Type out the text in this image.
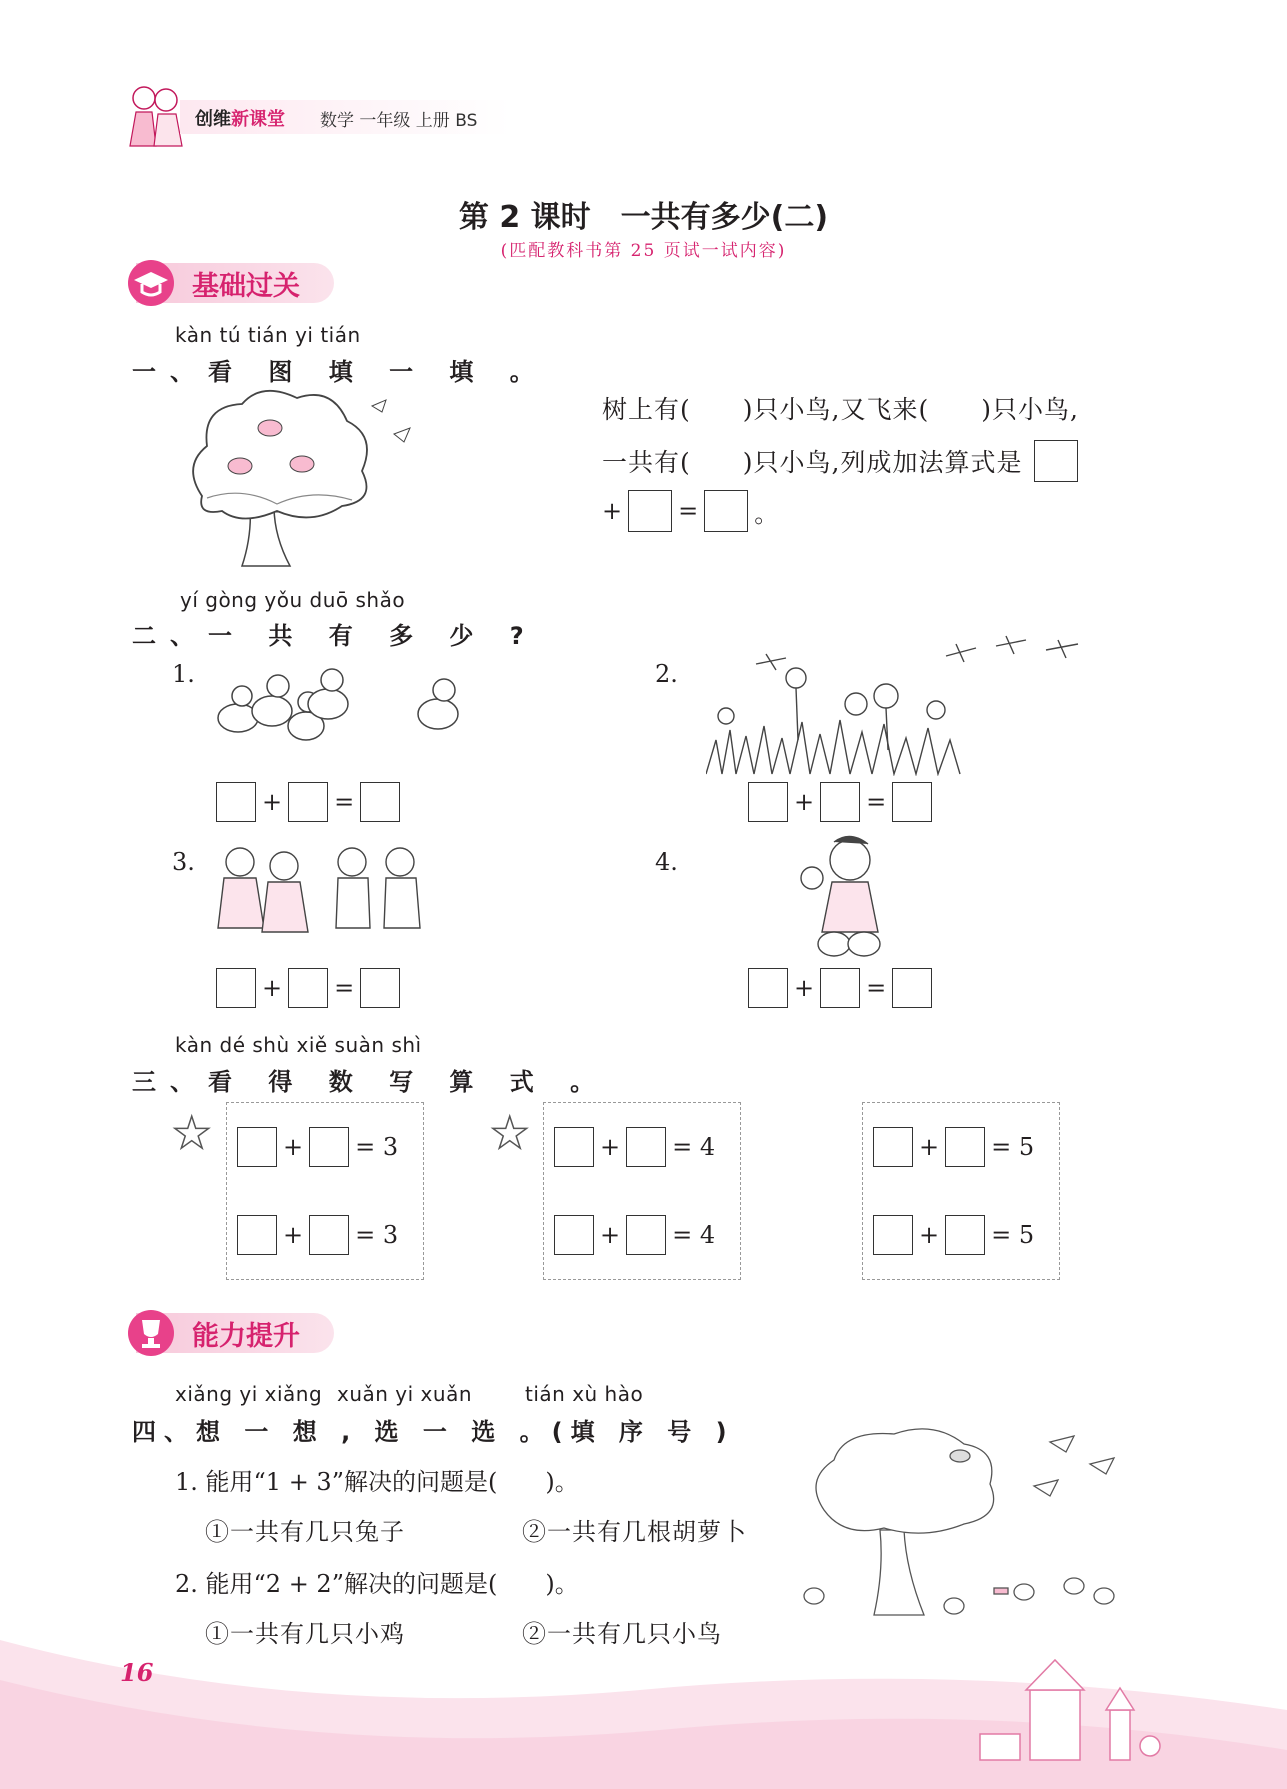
创维新课堂 数学 一年级 上册 BS
第 2 课时　一共有多少(二)
(匹配教科书第 25 页试一试内容)
基础过关
kàn tú tián yi tián
一、看 图 填 一 填 。
树上有(　　)只小鸟,又飞来(　　)只小鸟,
一共有(　　)只小鸟,列成加法算式是
+ = 。
yí gòng yǒu duō shǎo
二、一 共 有 多 少 ?
1.
+ =
2.
+ =
3.
+ =
4.
+ =
kàn dé shù xiě suàn shì
三、看 得 数 写 算 式 。
★	+ = 3
+ = 3
★	+ = 4
+ = 4
+ = 5
+ = 5
能力提升
xiǎng yi xiǎng xuǎn yi xuǎn	tián xù hào
四、想 一 想 , 选 一 选 。(填 序 号 )
1. 能用“1 + 3”解决的问题是(　　)。
①一共有几只兔子	②一共有几根胡萝卜
2. 能用“2 + 2”解决的问题是(　　)。
①一共有几只小鸡	②一共有几只小鸟
16
